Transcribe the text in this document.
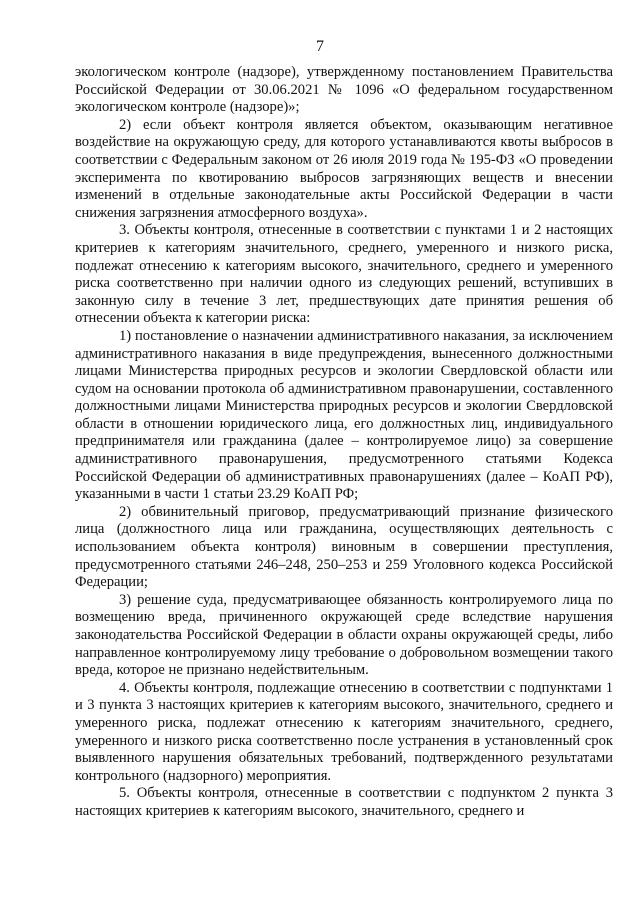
7

экологическом контроле (надзоре), утвержденному постановлением Правительства Российской Федерации от 30.06.2021 № 1096 «О федеральном государственном экологическом контроле (надзоре)»;

2) если объект контроля является объектом, оказывающим негативное воздействие на окружающую среду, для которого устанавливаются квоты выбросов в соответствии с Федеральным законом от 26 июля 2019 года № 195-ФЗ «О проведении эксперимента по квотированию выбросов загрязняющих веществ и внесении изменений в отдельные законодательные акты Российской Федерации в части снижения загрязнения атмосферного воздуха».

3. Объекты контроля, отнесенные в соответствии с пунктами 1 и 2 настоящих критериев к категориям значительного, среднего, умеренного и низкого риска, подлежат отнесению к категориям высокого, значительного, среднего и умеренного риска соответственно при наличии одного из следующих решений, вступивших в законную силу в течение 3 лет, предшествующих дате принятия решения об отнесении объекта к категории риска:

1) постановление о назначении административного наказания, за исключением административного наказания в виде предупреждения, вынесенного должностными лицами Министерства природных ресурсов и экологии Свердловской области или судом на основании протокола об административном правонарушении, составленного должностными лицами Министерства природных ресурсов и экологии Свердловской области в отношении юридического лица, его должностных лиц, индивидуального предпринимателя или гражданина (далее – контролируемое лицо) за совершение административного правонарушения, предусмотренного статьями Кодекса Российской Федерации об административных правонарушениях (далее – КоАП РФ), указанными в части 1 статьи 23.29 КоАП РФ;

2) обвинительный приговор, предусматривающий признание физического лица (должностного лица или гражданина, осуществляющих деятельность с использованием объекта контроля) виновным в совершении преступления, предусмотренного статьями 246–248, 250–253 и 259 Уголовного кодекса Российской Федерации;

3) решение суда, предусматривающее обязанность контролируемого лица по возмещению вреда, причиненного окружающей среде вследствие нарушения законодательства Российской Федерации в области охраны окружающей среды, либо направленное контролируемому лицу требование о добровольном возмещении такого вреда, которое не признано недействительным.

4. Объекты контроля, подлежащие отнесению в соответствии с подпунктами 1 и 3 пункта 3 настоящих критериев к категориям высокого, значительного, среднего и умеренного риска, подлежат отнесению к категориям значительного, среднего, умеренного и низкого риска соответственно после устранения в установленный срок выявленного нарушения обязательных требований, подтвержденного результатами контрольного (надзорного) мероприятия.

5. Объекты контроля, отнесенные в соответствии с подпунктом 2 пункта 3 настоящих критериев к категориям высокого, значительного, среднего и
